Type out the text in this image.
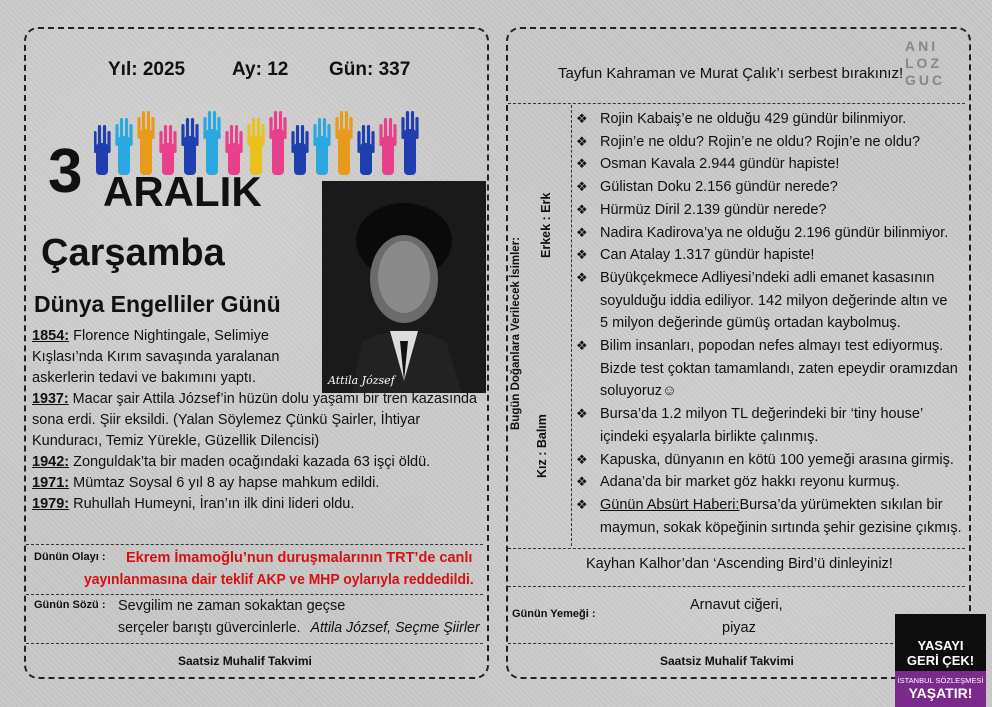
Yıl: 2025 Ay: 12 Gün: 337
3 ARALIK
Çarşamba
Dünya Engelliler Günü
Attila József
1854: Florence Nightingale, SelimiyeKışlası’nda Kırım savaşında yaralananaskerlerin tedavi ve bakımını yaptı.1937: Macar şair Attila József’in hüzün dolu yaşamı bir tren kazasındasona erdi. Şiir eksildi. (Yalan Söylemez Çünkü Şairler, İhtiyarKunduracı, Temiz Yürekle, Güzellik Dilencisi)1942: Zonguldak’ta bir maden ocağındaki kazada 63 işçi öldü.1971: Mümtaz Soysal 6 yıl 8 ay hapse mahkum edildi.1979: Ruhullah Humeyni, İran’ın ilk dini lideri oldu.
Dünün Olayı : Ekrem İmamoğlu’nun duruşmalarının TRT’de canlı
yayınlanmasına dair teklif AKP ve MHP oylarıyla reddedildi.
Günün Sözü : Sevgilim ne zaman sokaktan geçse
serçeler barıştı güvercinlerle. Attila József, Seçme Şiirler
Saatsiz Muhalif Takvimi
ANI
LOZ
GUC
Tayfun Kahraman ve Murat Çalık’ı serbest bırakınız!
Bugün Doğanlara Verilecek İsimler:
Erkek : Erk
Kız : Balım
❖ Rojin Kabaiş’e ne olduğu 429 gündür bilinmiyor.
❖ Rojin’e ne oldu? Rojin’e ne oldu? Rojin’e ne oldu?
❖ Osman Kavala 2.944 gündür hapiste!
❖ Gülistan Doku 2.156 gündür nerede?
❖ Hürmüz Diril 2.139 gündür nerede?
❖ Nadira Kadirova’ya ne olduğu 2.196 gündür bilinmiyor.
❖ Can Atalay 1.317 gündür hapiste!
❖ Büyükçekmece Adliyesi’ndeki adli emanet kasasının
soyulduğu iddia ediliyor. 142 milyon değerinde altın ve
5 milyon değerinde gümüş ortadan kaybolmuş.
❖ Bilim insanları, popodan nefes almayı test ediyormuş.
Bizde test çoktan tamamlandı, zaten epeydir oramızdan
soluyoruz☺
❖ Bursa’da 1.2 milyon TL değerindeki bir ‘tiny house’
içindeki eşyalarla birlikte çalınmış.
❖ Kapuska, dünyanın en kötü 100 yemeği arasına girmiş.
❖ Adana’da bir market göz hakkı reyonu kurmuş.
❖ Günün Absürt Haberi:Bursa’da yürümekten sıkılan bir
maymun, sokak köpeğinin sırtında şehir gezisine çıkmış.
Kayhan Kalhor’dan ‘Ascending Bird’ü dinleyiniz!
Günün Yemeği :
Arnavut ciğeri,
piyaz
Saatsiz Muhalif Takvimi
YASAYI
GERİ ÇEK!
İSTANBUL SÖZLEŞMESİ
YAŞATIR!
